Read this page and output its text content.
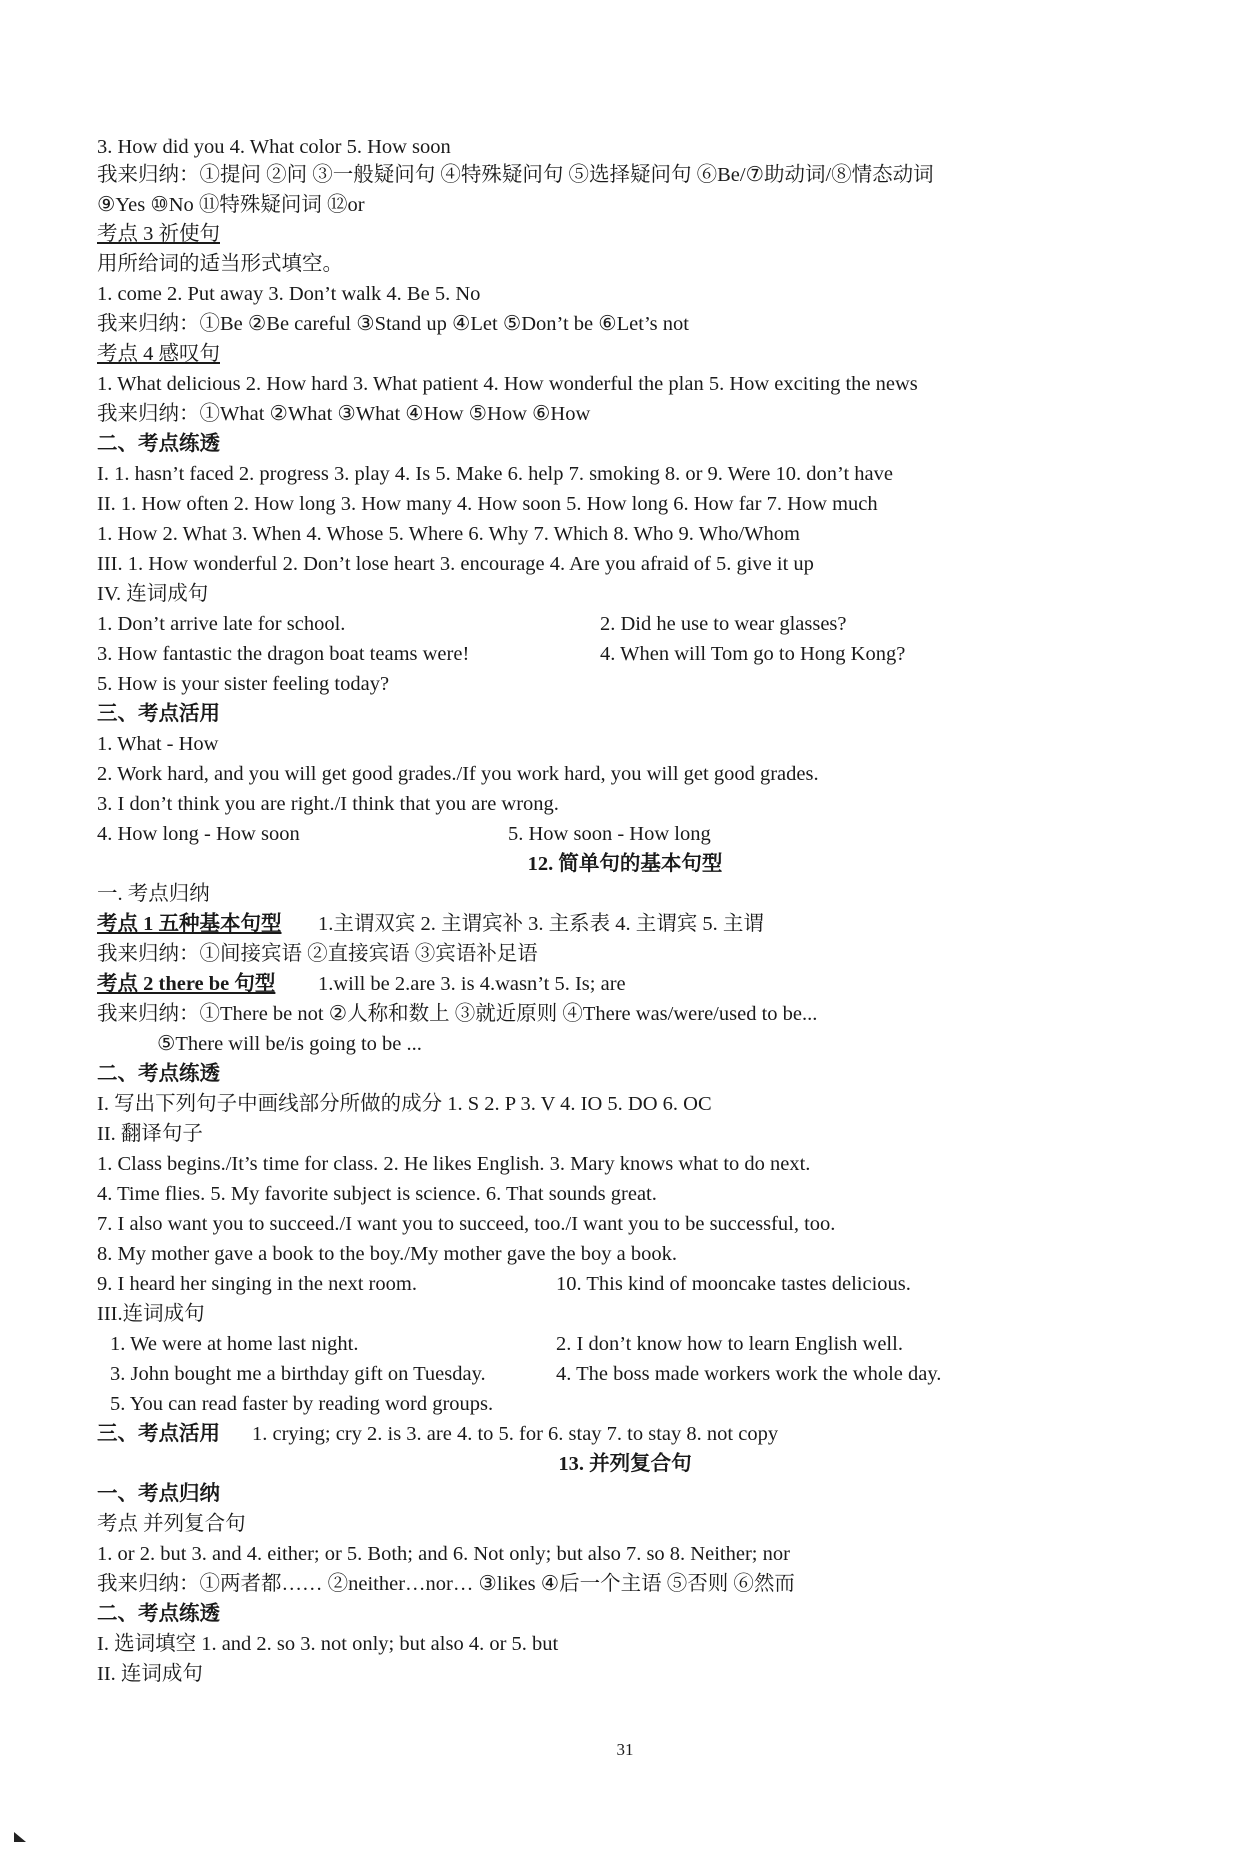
31
3. How did you 4. What color 5. How soon
我来归纳：①提问 ②问 ③一般疑问句 ④特殊疑问句 ⑤选择疑问句 ⑥Be/⑦助动词/⑧情态动词
⑨Yes ⑩No ⑪特殊疑问词 ⑫or
考点 3 祈使句
用所给词的适当形式填空。
1. come 2. Put away 3. Don’t walk 4. Be 5. No
我来归纳：①Be ②Be careful ③Stand up ④Let ⑤Don’t be ⑥Let’s not
考点 4 感叹句
1. What delicious 2. How hard 3. What patient 4. How wonderful the plan 5. How exciting the news
我来归纳：①What ②What ③What ④How ⑤How ⑥How
二、考点练透
I. 1. hasn’t faced 2. progress 3. play 4. Is 5. Make 6. help 7. smoking 8. or 9. Were 10. don’t have
II. 1. How often 2. How long 3. How many 4. How soon 5. How long 6. How far 7. How much
1. How 2. What 3. When 4. Whose 5. Where 6. Why 7. Which 8. Who 9. Who/Whom
III. 1. How wonderful 2. Don’t lose heart 3. encourage 4. Are you afraid of 5. give it up
IV. 连词成句
1. Don’t arrive late for school.	2. Did he use to wear glasses?
3. How fantastic the dragon boat teams were!	4. When will Tom go to Hong Kong?
5. How is your sister feeling today?
三、考点活用
1. What - How
2. Work hard, and you will get good grades./If you work hard, you will get good grades.
3. I don’t think you are right./I think that you are wrong.
4. How long - How soon	5. How soon - How long
12. 简单句的基本句型
一. 考点归纳
考点 1 五种基本句型 1.主谓双宾 2. 主谓宾补 3. 主系表 4. 主谓宾 5. 主谓
我来归纳：①间接宾语 ②直接宾语 ③宾语补足语
考点 2 there be 句型 1.will be 2.are 3. is 4.wasn’t 5. Is; are
我来归纳：①There be not ②人称和数上 ③就近原则 ④There was/were/used to be...
⑤There will be/is going to be ...
二、考点练透
I. 写出下列句子中画线部分所做的成分 1. S 2. P 3. V 4. IO 5. DO 6. OC
II. 翻译句子
1. Class begins./It’s time for class. 2. He likes English. 3. Mary knows what to do next.
4. Time flies. 5. My favorite subject is science. 6. That sounds great.
7. I also want you to succeed./I want you to succeed, too./I want you to be successful, too.
8. My mother gave a book to the boy./My mother gave the boy a book.
9. I heard her singing in the next room.	10. This kind of mooncake tastes delicious.
III.连词成句
1. We were at home last night.	2. I don’t know how to learn English well.
3. John bought me a birthday gift on Tuesday.	4. The boss made workers work the whole day.
5. You can read faster by reading word groups.
三、考点活用 1. crying; cry 2. is 3. are 4. to 5. for 6. stay 7. to stay 8. not copy
13. 并列复合句
一、考点归纳
考点 并列复合句
1. or 2. but 3. and 4. either; or 5. Both; and 6. Not only; but also 7. so 8. Neither; nor
我来归纳：①两者都…… ②neither…nor… ③likes ④后一个主语 ⑤否则 ⑥然而
二、考点练透
I. 选词填空 1. and 2. so 3. not only; but also 4. or 5. but
II. 连词成句
